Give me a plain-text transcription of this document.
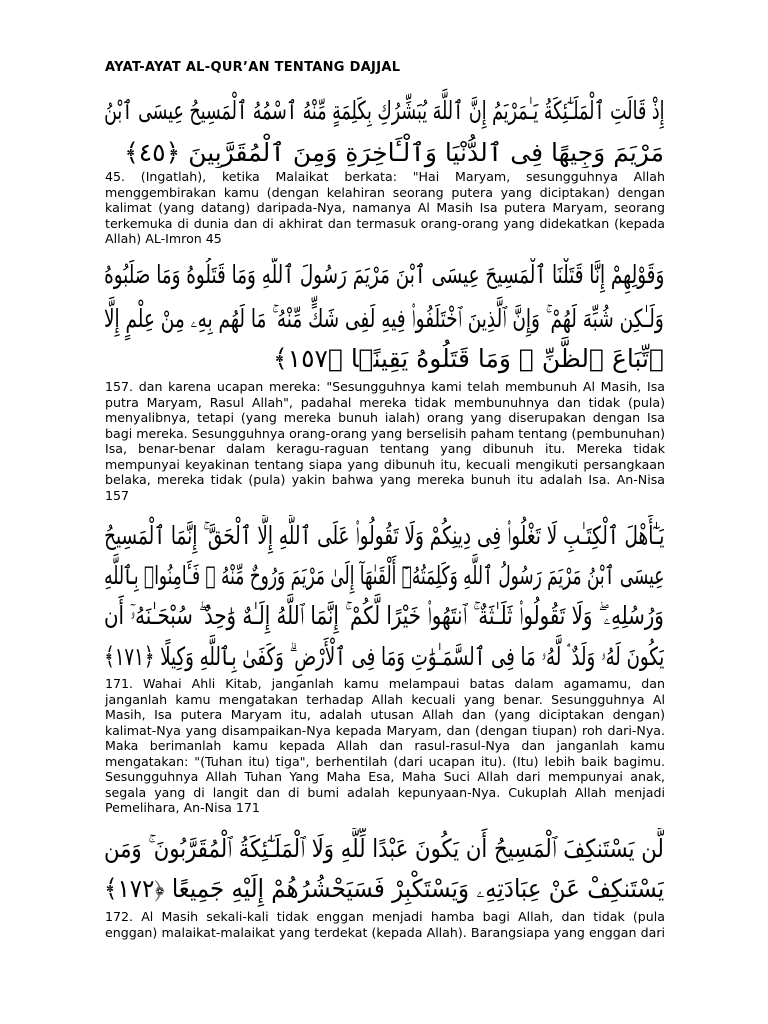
AYAT-AYAT AL-QUR’AN TENTANG DAJJAL
إِذْ قَالَتِ ٱلْمَلَـٰٓئِكَةُ يَـٰمَرْيَمُ إِنَّ ٱللَّهَ يُبَشِّرُكِ بِكَلِمَةٍ مِّنْهُ ٱسْمُهُ ٱلْمَسِيحُ عِيسَى ٱبْنُ
مَرْيَمَ وَجِيهًا فِى ٱلدُّنْيَا وَٱلْـَٔاخِرَةِ وَمِنَ ٱلْمُقَرَّبِينَ ﴿٤٥﴾
45. (Ingatlah), ketika Malaikat berkata: "Hai Maryam, sesungguhnya Allah
menggembirakan kamu (dengan kelahiran seorang putera yang diciptakan) dengan
kalimat (yang datang) daripada-Nya, namanya Al Masih Isa putera Maryam, seorang
terkemuka di dunia dan di akhirat dan termasuk orang-orang yang didekatkan (kepada
Allah) AL-Imron 45
وَقَوْلِهِمْ إِنَّا قَتَلْنَا ٱلْمَسِيحَ عِيسَى ٱبْنَ مَرْيَمَ رَسُولَ ٱللَّهِ وَمَا قَتَلُوهُ وَمَا صَلَبُوهُ
وَلَـٰكِن شُبِّهَ لَهُمْ ۚ وَإِنَّ ٱلَّذِينَ ٱخْتَلَفُوا۟ فِيهِ لَفِى شَكٍّ مِّنْهُ ۚ مَا لَهُم بِهِۦ مِنْ عِلْمٍ إِلَّا
ٱتِّبَاعَ ٱلظَّنِّ ۚ وَمَا قَتَلُوهُ يَقِينًۢا ﴿١٥٧﴾
157. dan karena ucapan mereka: "Sesungguhnya kami telah membunuh Al Masih, Isa
putra Maryam, Rasul Allah", padahal mereka tidak membunuhnya dan tidak (pula)
menyalibnya, tetapi (yang mereka bunuh ialah) orang yang diserupakan dengan Isa
bagi mereka. Sesungguhnya orang-orang yang berselisih paham tentang (pembunuhan)
Isa, benar-benar dalam keragu-raguan tentang yang dibunuh itu. Mereka tidak
mempunyai keyakinan tentang siapa yang dibunuh itu, kecuali mengikuti persangkaan
belaka, mereka tidak (pula) yakin bahwa yang mereka bunuh itu adalah Isa. An-Nisa
157
يَـٰٓأَهْلَ ٱلْكِتَـٰبِ لَا تَغْلُوا۟ فِى دِينِكُمْ وَلَا تَقُولُوا۟ عَلَى ٱللَّهِ إِلَّا ٱلْحَقَّ ۚ إِنَّمَا ٱلْمَسِيحُ
عِيسَى ٱبْنُ مَرْيَمَ رَسُولُ ٱللَّهِ وَكَلِمَتُهُۥٓ أَلْقَىٰهَآ إِلَىٰ مَرْيَمَ وَرُوحٌ مِّنْهُ ۖ فَـَٔامِنُوا۟ بِٱللَّهِ
وَرُسُلِهِۦ ۖ وَلَا تَقُولُوا۟ ثَلَـٰثَةٌ ۚ ٱنتَهُوا۟ خَيْرًا لَّكُمْ ۚ إِنَّمَا ٱللَّهُ إِلَـٰهٌ وَٰحِدٌ ۖ سُبْحَـٰنَهُۥٓ أَن
يَكُونَ لَهُۥ وَلَدٌ ۘ لَّهُۥ مَا فِى ٱلسَّمَـٰوَٰتِ وَمَا فِى ٱلْأَرْضِ ۗ وَكَفَىٰ بِٱللَّهِ وَكِيلًا ﴿١٧١﴾
171. Wahai Ahli Kitab, janganlah kamu melampaui batas dalam agamamu, dan
janganlah kamu mengatakan terhadap Allah kecuali yang benar. Sesungguhnya Al
Masih, Isa putera Maryam itu, adalah utusan Allah dan (yang diciptakan dengan)
kalimat-Nya yang disampaikan-Nya kepada Maryam, dan (dengan tiupan) roh dari-Nya.
Maka berimanlah kamu kepada Allah dan rasul-rasul-Nya dan janganlah kamu
mengatakan: "(Tuhan itu) tiga", berhentilah (dari ucapan itu). (Itu) lebih baik bagimu.
Sesungguhnya Allah Tuhan Yang Maha Esa, Maha Suci Allah dari mempunyai anak,
segala yang di langit dan di bumi adalah kepunyaan-Nya. Cukuplah Allah menjadi
Pemelihara, An-Nisa 171
لَّن يَسْتَنكِفَ ٱلْمَسِيحُ أَن يَكُونَ عَبْدًا لِّلَّهِ وَلَا ٱلْمَلَـٰٓئِكَةُ ٱلْمُقَرَّبُونَ ۚ وَمَن
يَسْتَنكِفْ عَنْ عِبَادَتِهِۦ وَيَسْتَكْبِرْ فَسَيَحْشُرُهُمْ إِلَيْهِ جَمِيعًا ﴿١٧٢﴾
172. Al Masih sekali-kali tidak enggan menjadi hamba bagi Allah, dan tidak (pula
enggan) malaikat-malaikat yang terdekat (kepada Allah). Barangsiapa yang enggan dari
